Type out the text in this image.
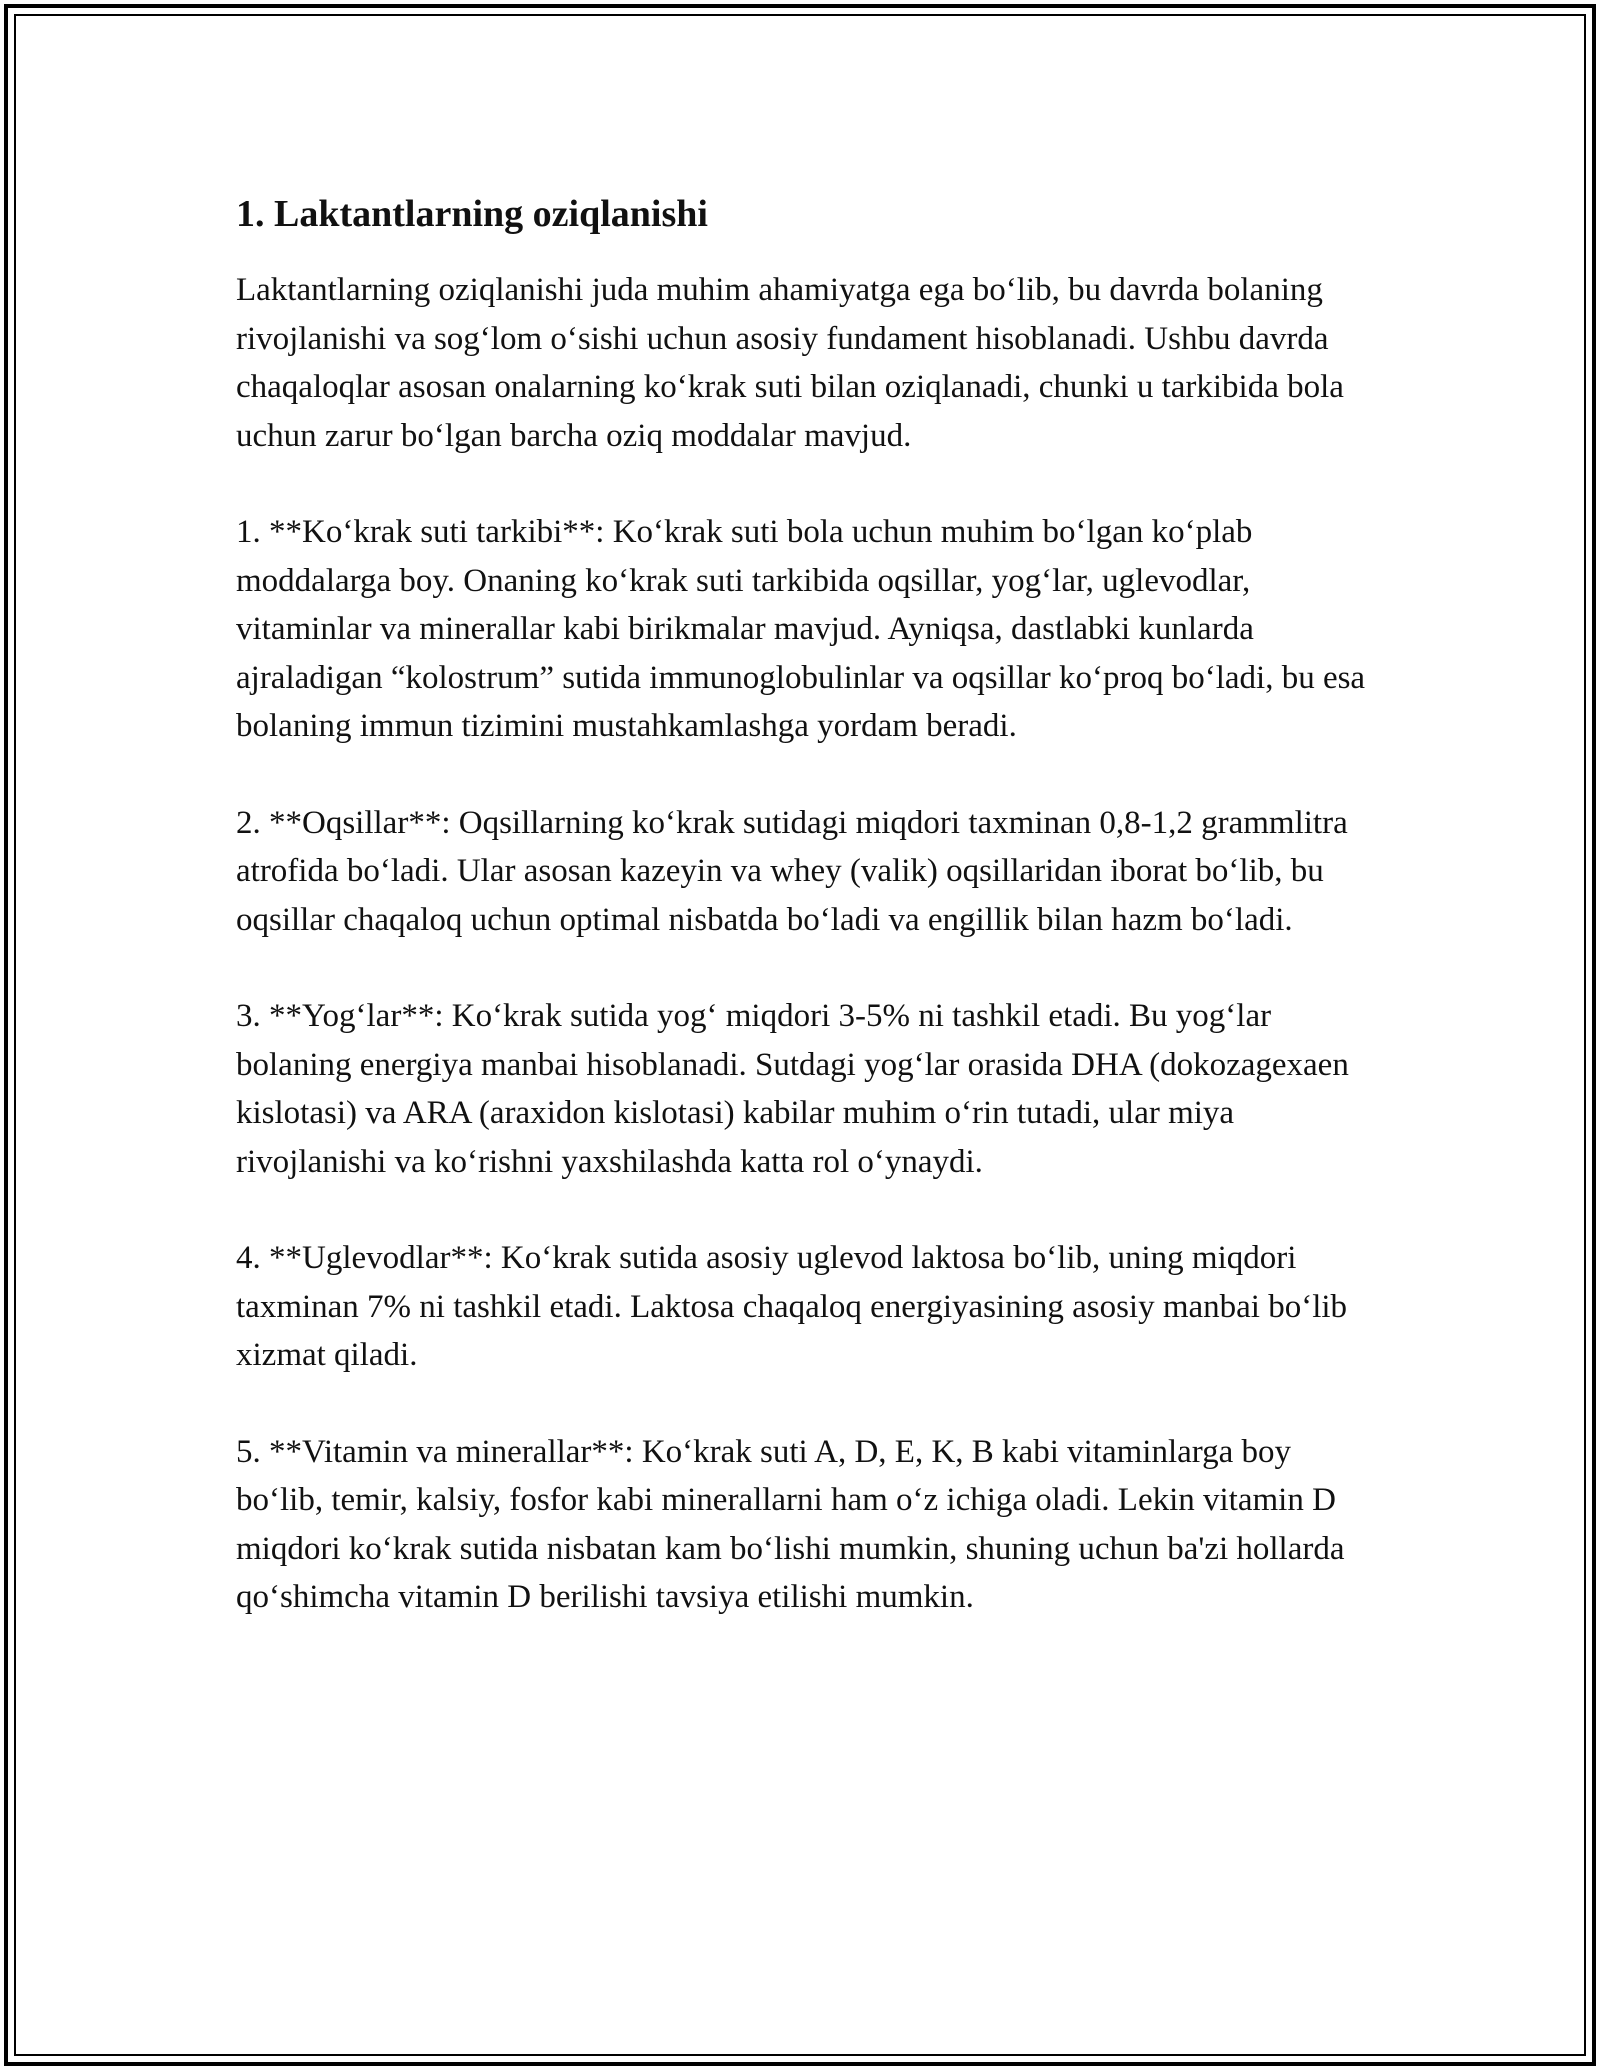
1. Laktantlarning oziqlanishi

Laktantlarning oziqlanishi juda muhim ahamiyatga ega bo‘lib, bu davrda bolaning rivojlanishi va sog‘lom o‘sishi uchun asosiy fundament hisoblanadi. Ushbu davrda chaqaloqlar asosan onalarning ko‘krak suti bilan oziqlanadi, chunki u tarkibida bola uchun zarur bo‘lgan barcha oziq moddalar mavjud.

1. **Ko‘krak suti tarkibi**: Ko‘krak suti bola uchun muhim bo‘lgan ko‘plab moddalarga boy. Onaning ko‘krak suti tarkibida oqsillar, yog‘lar, uglevodlar, vitaminlar va minerallar kabi birikmalar mavjud. Ayniqsa, dastlabki kunlarda ajraladigan “kolostrum” sutida immunoglobulinlar va oqsillar ko‘proq bo‘ladi, bu esa bolaning immun tizimini mustahkamlashga yordam beradi.

2. **Oqsillar**: Oqsillarning ko‘krak sutidagi miqdori taxminan 0,8-1,2 grammlitra atrofida bo‘ladi. Ular asosan kazeyin va whey (valik) oqsillaridan iborat bo‘lib, bu oqsillar chaqaloq uchun optimal nisbatda bo‘ladi va engillik bilan hazm bo‘ladi.

3. **Yog‘lar**: Ko‘krak sutida yog‘ miqdori 3-5% ni tashkil etadi. Bu yog‘lar bolaning energiya manbai hisoblanadi. Sutdagi yog‘lar orasida DHA (dokozagexaen kislotasi) va ARA (araxidon kislotasi) kabilar muhim o‘rin tutadi, ular miya rivojlanishi va ko‘rishni yaxshilashda katta rol o‘ynaydi.

4. **Uglevodlar**: Ko‘krak sutida asosiy uglevod laktosa bo‘lib, uning miqdori taxminan 7% ni tashkil etadi. Laktosa chaqaloq energiyasining asosiy manbai bo‘lib xizmat qiladi.

5. **Vitamin va minerallar**: Ko‘krak suti A, D, E, K, B kabi vitaminlarga boy bo‘lib, temir, kalsiy, fosfor kabi minerallarni ham o‘z ichiga oladi. Lekin vitamin D miqdori ko‘krak sutida nisbatan kam bo‘lishi mumkin, shuning uchun ba'zi hollarda qo‘shimcha vitamin D berilishi tavsiya etilishi mumkin.
